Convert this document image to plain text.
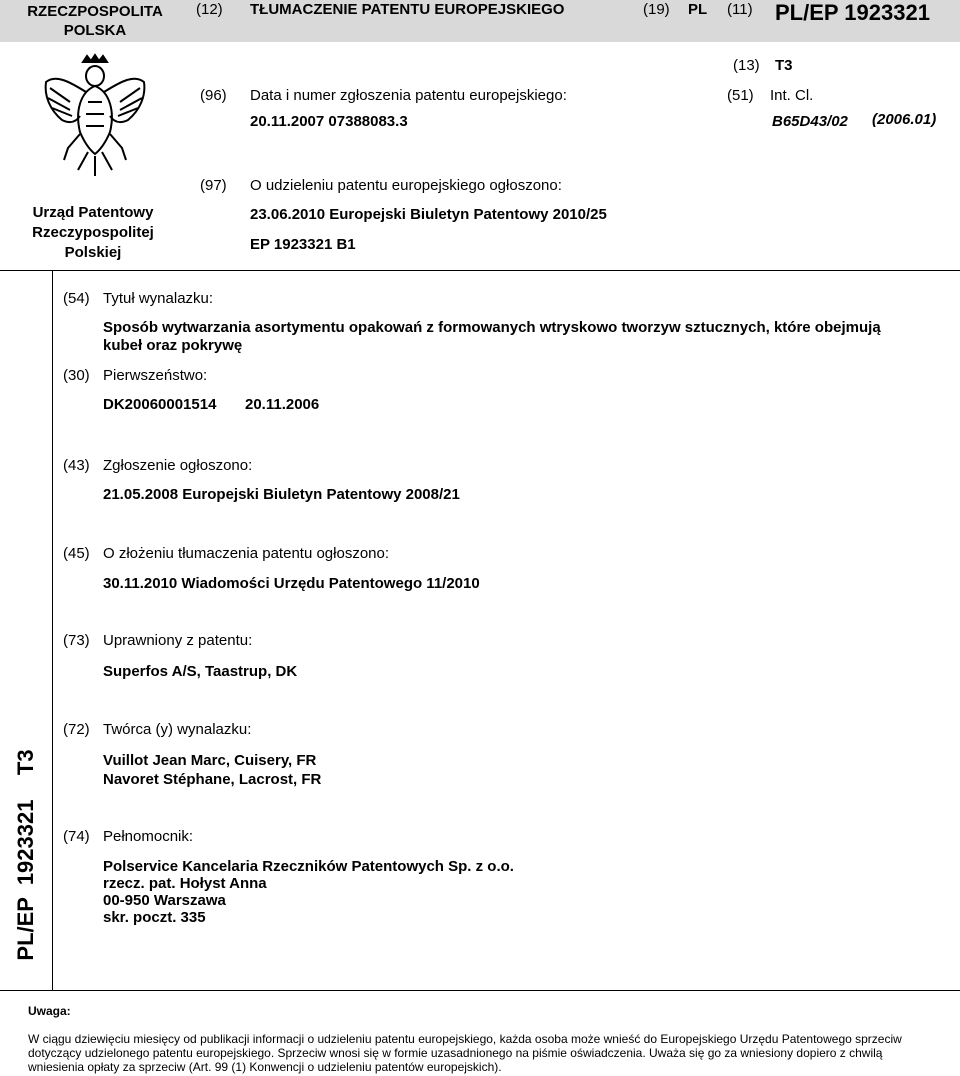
RZECZPOSPOLITA
POLSKA
(12) TŁUMACZENIE PATENTU EUROPEJSKIEGO	(19) PL (11) PL/EP 1923321
Urząd Patentowy
Rzeczypospolitej
Polskiej
(13) T3
(96) Data i numer zgłoszenia patentu europejskiego:
20.11.2007 07388083.3
(51) Int. Cl.
B65D43/02 (2006.01)
(97) O udzieleniu patentu europejskiego ogłoszono:
23.06.2010 Europejski Biuletyn Patentowy 2010/25
EP 1923321 B1
(54) Tytuł wynalazku:
Sposób wytwarzania asortymentu opakowań z formowanych wtryskowo tworzyw sztucznych, które obejmują
kubeł oraz pokrywę
(30) Pierwszeństwo:
DK20060001514 20.11.2006
(43) Zgłoszenie ogłoszono:
21.05.2008 Europejski Biuletyn Patentowy 2008/21
(45) O złożeniu tłumaczenia patentu ogłoszono:
30.11.2010 Wiadomości Urzędu Patentowego 11/2010
(73) Uprawniony z patentu:
Superfos A/S, Taastrup, DK
(72) Twórca (y) wynalazku:
Vuillot Jean Marc, Cuisery, FR
Navoret Stéphane, Lacrost, FR
(74) Pełnomocnik:
Polservice Kancelaria Rzeczników Patentowych Sp. z o.o.
rzecz. pat. Hołyst Anna
00-950 Warszawa
skr. poczt. 335
PL/EP  1923321    T3
Uwaga:
W ciągu dziewięciu miesięcy od publikacji informacji o udzieleniu patentu europejskiego, każda osoba może wnieść do Europejskiego Urzędu Patentowego sprzeciw dotyczący udzielonego patentu europejskiego. Sprzeciw wnosi się w formie uzasadnionego na piśmie oświadczenia. Uważa się go za wniesiony dopiero z chwilą wniesienia opłaty za sprzeciw (Art. 99 (1) Konwencji o udzieleniu patentów europejskich).
